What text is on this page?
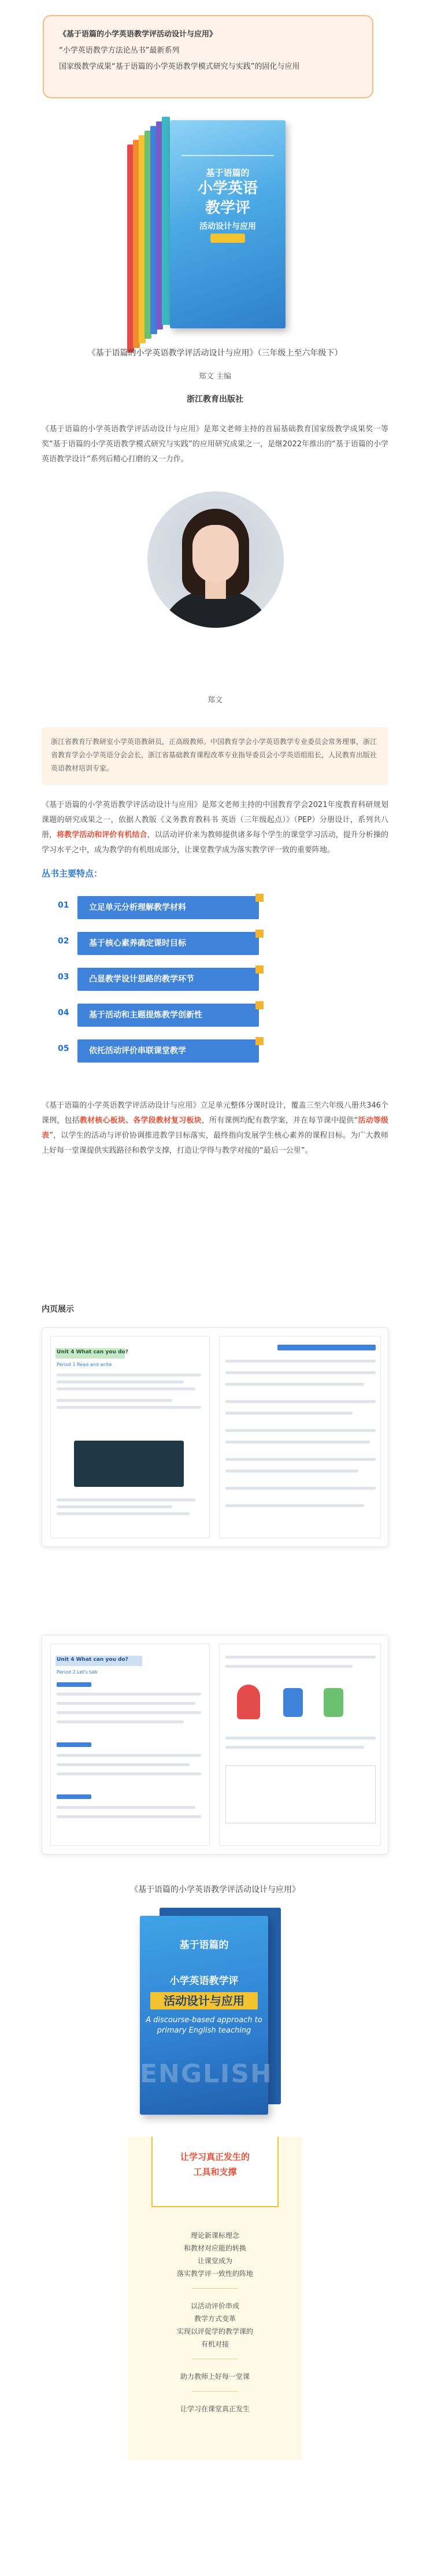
《基于语篇的小学英语教学评活动设计与应用》

“小学英语教学方法论丛书”最新系列

国家级教学成果“基于语篇的小学英语教学模式研究与实践”的固化与应用

基于语篇的
小学英语
教学评
活动设计与应用
《基于语篇的小学英语教学评活动设计与应用》（三年级上至六年级下）
郑文 主编
浙江教育出版社

《基于语篇的小学英语教学评活动设计与应用》是郑文老师主持的首届基础教育国家级教学成果奖一等奖“基于语篇的小学英语教学模式研究与实践”的应用研究成果之一，是继2022年推出的“基于语篇的小学英语教学设计”系列后精心打磨的又一力作。

郑文
浙江省教育厅教研室小学英语教研员，正高级教师。中国教育学会小学英语教学专业委员会常务理事，浙江省教育学会小学英语分会会长，浙江省基础教育课程改革专业指导委员会小学英语组组长，人民教育出版社英语教材培训专家。

《基于语篇的小学英语教学评活动设计与应用》是郑文老师主持的中国教育学会2021年度教育科研规划课题的研究成果之一，依据人教版《义务教育教科书 英语（三年级起点）》（PEP）分册设计，系列共八册，将教学活动和评价有机结合，以活动评价来为教师提供诸多每个学生的课堂学习活动，提升分析操的学习水平之中，成为教学的有机组成部分，让课堂教学成为落实教学评一致的重要阵地。

丛书主要特点：
01	立足单元分析理解教学材料
02	基于核心素养确定课时目标
03	凸显教学设计思路的教学环节
04	基于活动和主题提炼教学创新性
05	依托活动评价串联课堂教学

《基于语篇的小学英语教学评活动设计与应用》立足单元整体分课时设计，覆盖三至六年级八册共346个课例，包括教材核心板块、各学段教材复习板块，所有课例均配有教学案，并在每节课中提供“活动等级表”，以学生的活动与评价协调推进教学目标落实，最终指向发展学生核心素养的课程目标。为广大教师上好每一堂课提供实践路径和教学支撑，打造让学得与教学对接的“最后一公里”。

内页展示
Unit 4 What can you do?
Period 1 Read and write
Unit 4 What can you do?
Period 2 Let's talk
《基于语篇的小学英语教学评活动设计与应用》
基于语篇的
小学英语教学评
活动设计与应用
A discourse-based approach to primary English teaching
ENGLISH

让学习真正发生的

工具和支撑

理论新课标理念
和教材对应能的转换
让课堂成为
落实教学评一致性的阵地
以活动评价串成
教学方式变革
实现以评促学的教学课的
有机对接
助力教师上好每一堂课
让学习在课堂真正发生
